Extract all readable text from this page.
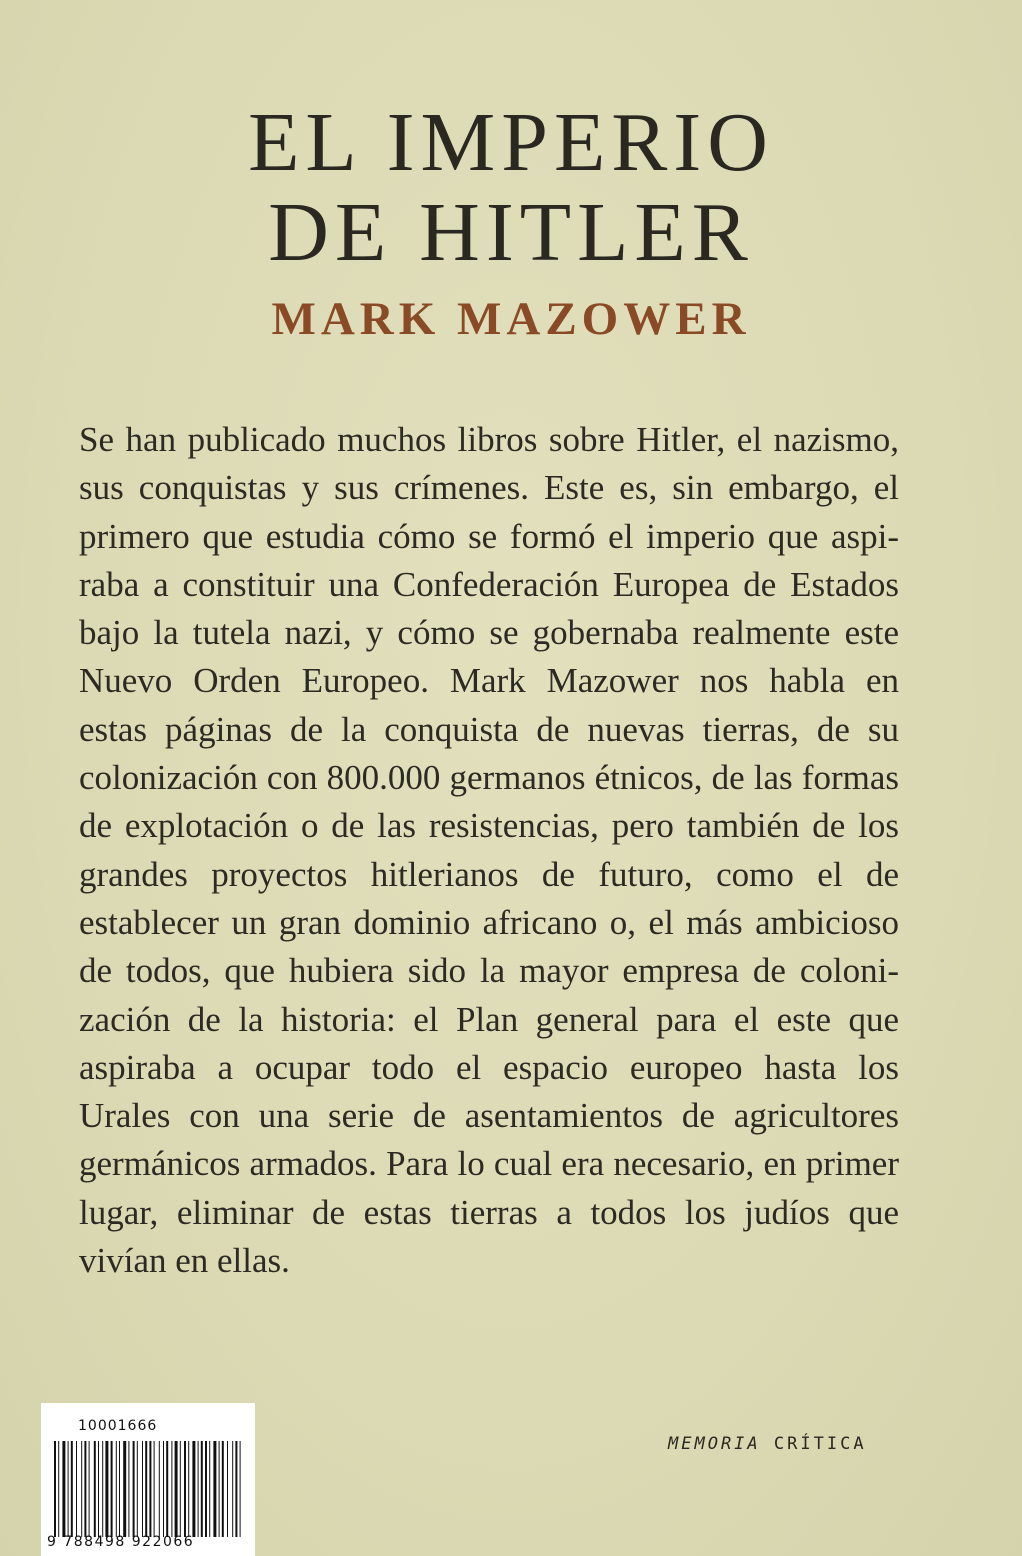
EL IMPERIO
DE HITLER
MARK MAZOWER
Se han publicado muchos libros sobre Hitler, el nazismo,
sus conquistas y sus crímenes. Este es, sin embargo, el
primero que estudia cómo se formó el imperio que aspi-
raba a constituir una Confederación Europea de Estados
bajo la tutela nazi, y cómo se gobernaba realmente este
Nuevo Orden Europeo. Mark Mazower nos habla en
estas páginas de la conquista de nuevas tierras, de su
colonización con 800.000 germanos étnicos, de las formas
de explotación o de las resistencias, pero también de los
grandes proyectos hitlerianos de futuro, como el de
establecer un gran dominio africano o, el más ambicioso
de todos, que hubiera sido la mayor empresa de coloni-
zación de la historia: el Plan general para el este que
aspiraba a ocupar todo el espacio europeo hasta los
Urales con una serie de asentamientos de agricultores
germánicos armados. Para lo cual era necesario, en primer
lugar, eliminar de estas tierras a todos los judíos que
vivían en ellas.
10001666
9 788498 922066
MEMORIA CRÍTICA
